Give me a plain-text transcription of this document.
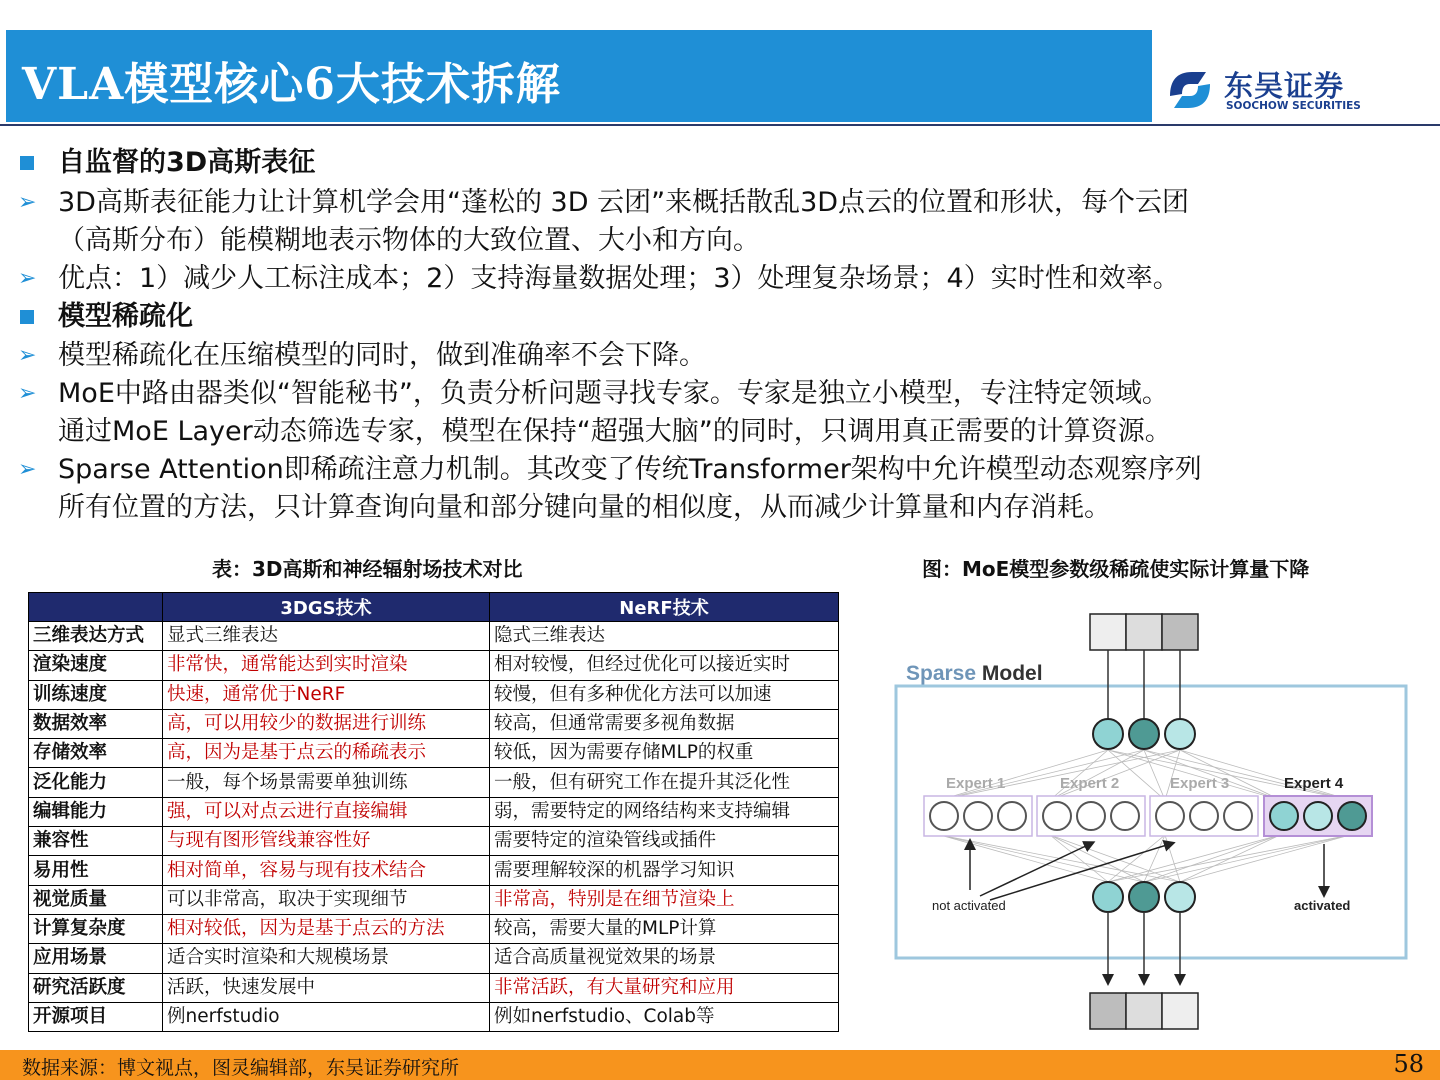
VLA模型核心6大技术拆解	东吴证券
SOOCHOW SECURITIES
自监督的3D高斯表征
➢ 3D高斯表征能力让计算机学会用“蓬松的 3D 云团”来概括散乱3D点云的位置和形状，每个云团
（高斯分布）能模糊地表示物体的大致位置、大小和方向。
➢ 优点：1）减少人工标注成本；2）支持海量数据处理；3）处理复杂场景；4）实时性和效率。
模型稀疏化
➢ 模型稀疏化在压缩模型的同时，做到准确率不会下降。
➢ MoE中路由器类似“智能秘书”，负责分析问题寻找专家。专家是独立小模型，专注特定领域。
通过MoE Layer动态筛选专家，模型在保持“超强大脑”的同时，只调用真正需要的计算资源。
➢ Sparse Attention即稀疏注意力机制。其改变了传统Transformer架构中允许模型动态观察序列
所有位置的方法，只计算查询向量和部分键向量的相似度，从而减少计算量和内存消耗。
表：3D高斯和神经辐射场技术对比	图：MoE模型参数级稀疏使实际计算量下降
	3DGS技术	NeRF技术
三维表达方式	显式三维表达	隐式三维表达
渲染速度	非常快，通常能达到实时渲染	相对较慢，但经过优化可以接近实时
训练速度	快速，通常优于NeRF	较慢，但有多种优化方法可以加速
数据效率	高，可以用较少的数据进行训练	较高，但通常需要多视角数据
存储效率	高，因为是基于点云的稀疏表示	较低，因为需要存储MLP的权重
泛化能力	一般，每个场景需要单独训练	一般，但有研究工作在提升其泛化性
编辑能力	强，可以对点云进行直接编辑	弱，需要特定的网络结构来支持编辑
兼容性	与现有图形管线兼容性好	需要特定的渲染管线或插件
易用性	相对简单，容易与现有技术结合	需要理解较深的机器学习知识
视觉质量	可以非常高，取决于实现细节	非常高，特别是在细节渲染上
计算复杂度	相对较低，因为是基于点云的方法	较高，需要大量的MLP计算
应用场景	适合实时渲染和大规模场景	适合高质量视觉效果的场景
研究活跃度	活跃，快速发展中	非常活跃，有大量研究和应用
开源项目	例nerfstudio	例如nerfstudio、Colab等
Sparse Model
Expert 1	Expert 2	Expert 3	Expert 4
not activated	activated
数据来源：博文视点，图灵编辑部，东吴证券研究所	58
